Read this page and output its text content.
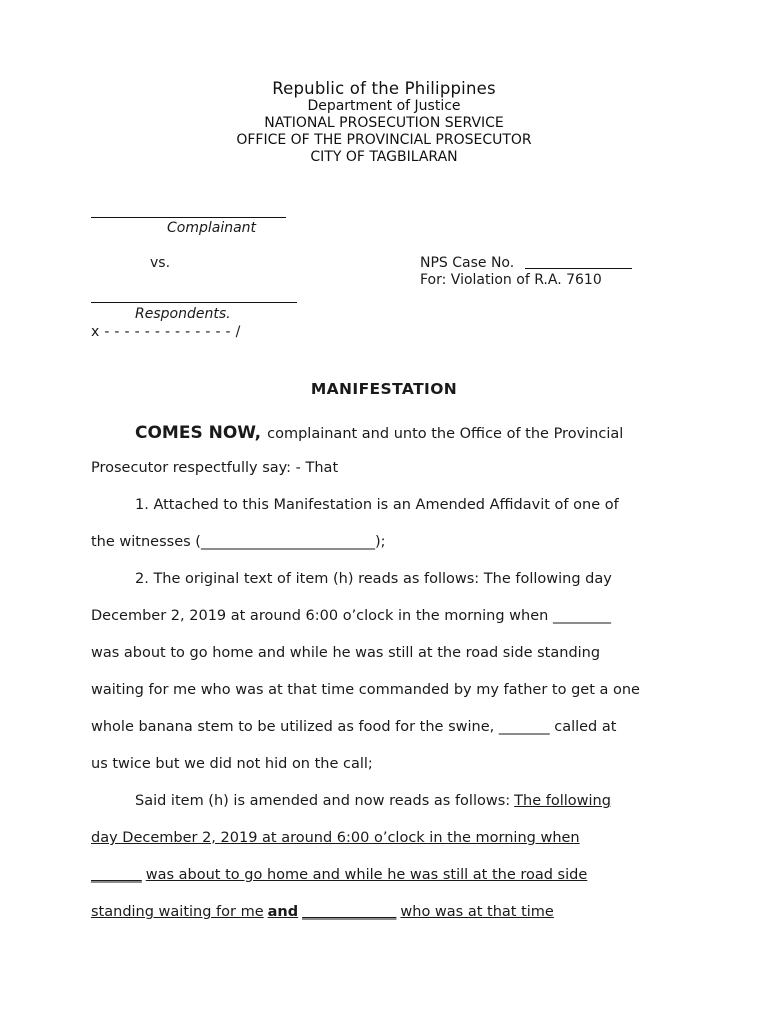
Republic of the Philippines
Department of Justice
NATIONAL PROSECUTION SERVICE
OFFICE OF THE PROVINCIAL PROSECUTOR
CITY OF TAGBILARAN
Complainant
vs.	NPS Case No.
For: Violation of R.A. 7610
Respondents.
x - - - - - - - - - - - - - /
MANIFESTATION
COMES NOW, complainant and unto the Office of the Provincial
Prosecutor respectfully say: - That
1. Attached to this Manifestation is an Amended Affidavit of one of
the witnesses (________________________);
2. The original text of item (h) reads as follows: The following day
December 2, 2019 at around 6:00 o’clock in the morning when ________
was about to go home and while he was still at the road side standing
waiting for me who was at that time commanded by my father to get a one
whole banana stem to be utilized as food for the swine, _______ called at
us twice but we did not hid on the call;
Said item (h) is amended and now reads as follows: The following
day December 2, 2019 at around 6:00 o’clock in the morning when
_______ was about to go home and while he was still at the road side
standing waiting for me and _____________ who was at that time
